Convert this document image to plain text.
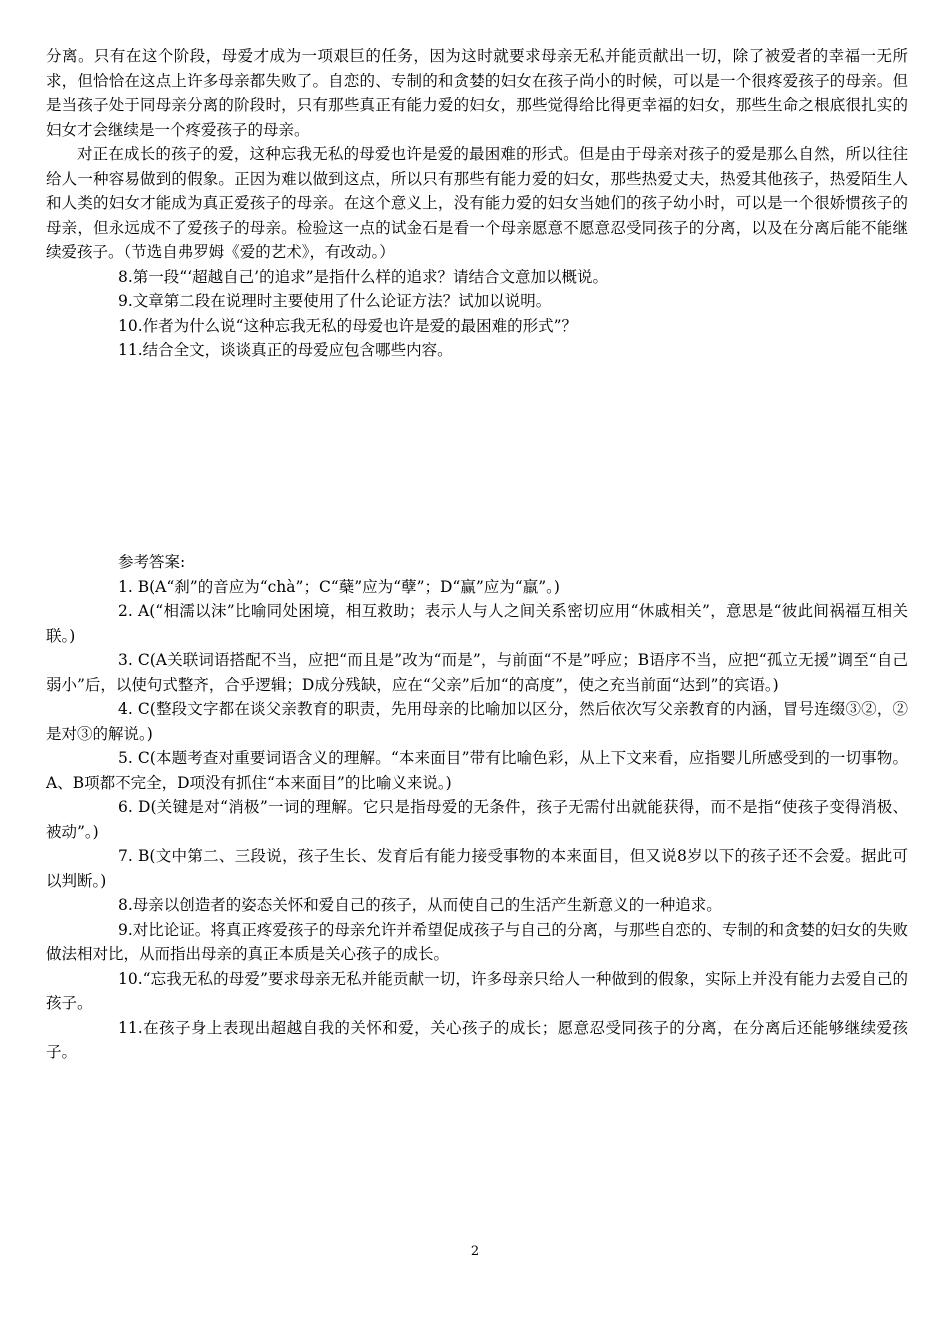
分离。只有在这个阶段，母爱才成为一项艰巨的任务，因为这时就要求母亲无私并能贡献出一切，除了被爱者的幸福一无所求，但恰恰在这点上许多母亲都失败了。自恋的、专制的和贪婪的妇女在孩子尚小的时候，可以是一个很疼爱孩子的母亲。但是当孩子处于同母亲分离的阶段时，只有那些真正有能力爱的妇女，那些觉得给比得更幸福的妇女，那些生命之根底很扎实的妇女才会继续是一个疼爱孩子的母亲。

对正在成长的孩子的爱，这种忘我无私的母爱也许是爱的最困难的形式。但是由于母亲对孩子的爱是那么自然，所以往往给人一种容易做到的假象。正因为难以做到这点，所以只有那些有能力爱的妇女，那些热爱丈夫，热爱其他孩子，热爱陌生人和人类的妇女才能成为真正爱孩子的母亲。在这个意义上，没有能力爱的妇女当她们的孩子幼小时，可以是一个很娇惯孩子的母亲，但永远成不了爱孩子的母亲。检验这一点的试金石是看一个母亲愿意不愿意忍受同孩子的分离，以及在分离后能不能继续爱孩子。（节选自弗罗姆《爱的艺术》，有改动。）

8.第一段“‘超越自己’的追求”是指什么样的追求？请结合文意加以概说。

9.文章第二段在说理时主要使用了什么论证方法？试加以说明。

10.作者为什么说“这种忘我无私的母爱也许是爱的最困难的形式”？

11.结合全文，谈谈真正的母爱应包含哪些内容。

参考答案:

1. B(A“刹”的音应为“chà”；C“蘖”应为“孽”；D“赢”应为“羸”。)

2. A(“相濡以沫”比喻同处困境，相互救助；表示人与人之间关系密切应用“休戚相关”，意思是“彼此间祸福互相关联。)

3. C(A关联词语搭配不当，应把“而且是”改为“而是”，与前面“不是”呼应；B语序不当，应把“孤立无援”调至“自己弱小”后，以使句式整齐，合乎逻辑；D成分残缺，应在“父亲”后加“的高度”，使之充当前面“达到”的宾语。)

4. C(整段文字都在谈父亲教育的职责，先用母亲的比喻加以区分，然后依次写父亲教育的内涵，冒号连缀③②，②是对③的解说。)

5. C(本题考查对重要词语含义的理解。“本来面目”带有比喻色彩，从上下文来看，应指婴儿所感受到的一切事物。A、B项都不完全，D项没有抓住“本来面目”的比喻义来说。)

6. D(关键是对“消极”一词的理解。它只是指母爱的无条件，孩子无需付出就能获得，而不是指“使孩子变得消极、被动”。)

7. B(文中第二、三段说，孩子生长、发育后有能力接受事物的本来面目，但又说8岁以下的孩子还不会爱。据此可以判断。)

8.母亲以创造者的姿态关怀和爱自己的孩子，从而使自己的生活产生新意义的一种追求。

9.对比论证。将真正疼爱孩子的母亲允许并希望促成孩子与自己的分离，与那些自恋的、专制的和贪婪的妇女的失败做法相对比，从而指出母亲的真正本质是关心孩子的成长。

10.“忘我无私的母爱”要求母亲无私并能贡献一切，许多母亲只给人一种做到的假象，实际上并没有能力去爱自己的孩子。

11.在孩子身上表现出超越自我的关怀和爱，关心孩子的成长；愿意忍受同孩子的分离，在分离后还能够继续爱孩子。

2
